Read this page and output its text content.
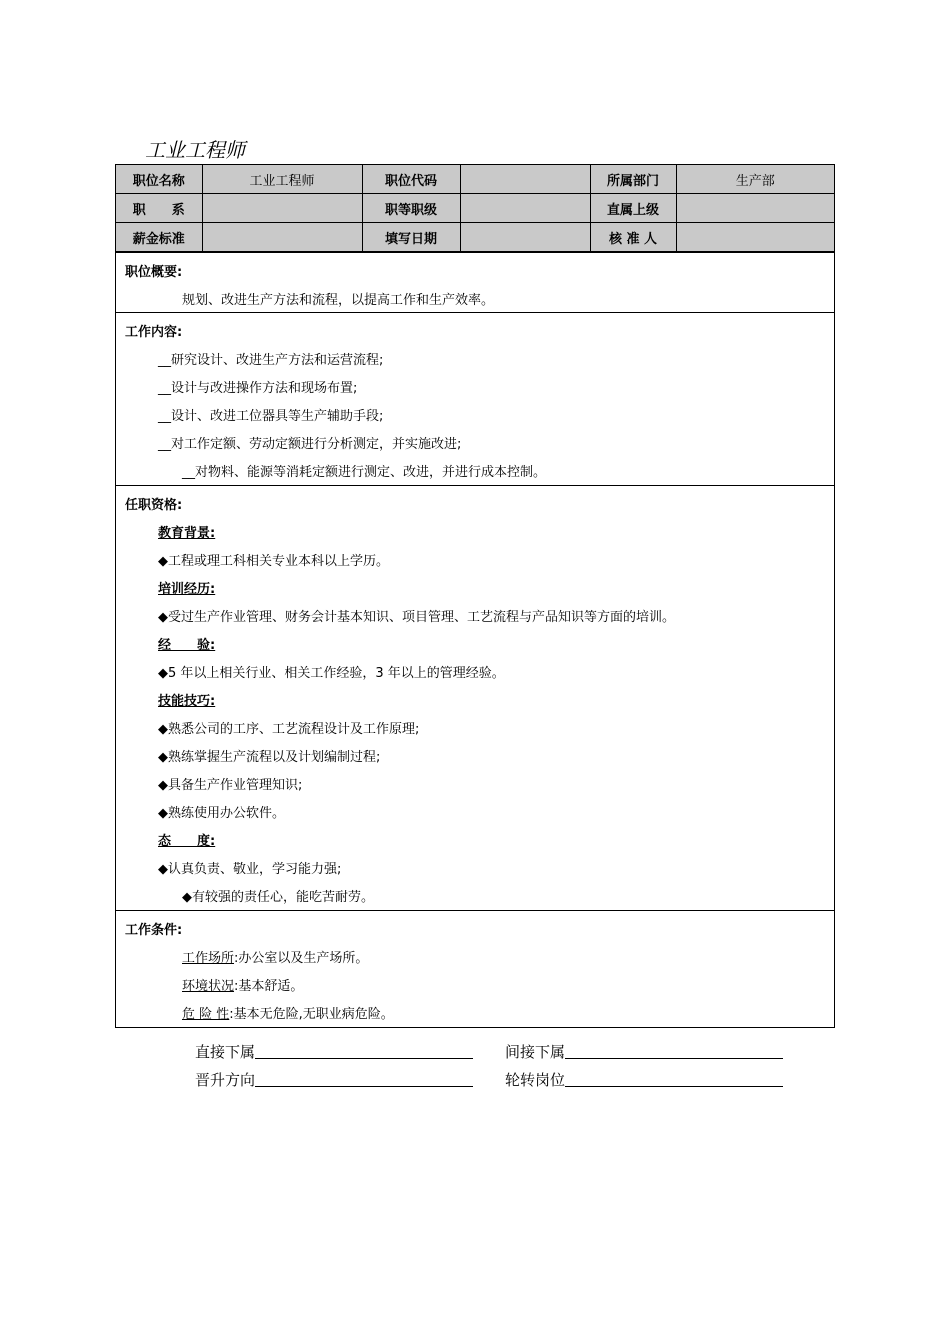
工业工程师
职位名称	工业工程师	职位代码		所属部门	生产部
职　　系		职等职级		直属上级	
薪金标准		填写日期		核 准 人	
职位概要:
规划、改进生产方法和流程，以提高工作和生产效率。
工作内容:
__研究设计、改进生产方法和运营流程;
__设计与改进操作方法和现场布置;
__设计、改进工位器具等生产辅助手段;
__对工作定额、劳动定额进行分析测定，并实施改进;
__对物料、能源等消耗定额进行测定、改进，并进行成本控制。
任职资格:
教育背景:
◆工程或理工科相关专业本科以上学历。
培训经历:
◆受过生产作业管理、财务会计基本知识、项目管理、工艺流程与产品知识等方面的培训。
经　　验:
◆5 年以上相关行业、相关工作经验，3 年以上的管理经验。
技能技巧:
◆熟悉公司的工序、工艺流程设计及工作原理;
◆熟练掌握生产流程以及计划编制过程;
◆具备生产作业管理知识;
◆熟练使用办公软件。
态　　度:
◆认真负责、敬业，学习能力强;
◆有较强的责任心，能吃苦耐劳。
工作条件:
工作场所:办公室以及生产场所。
环境状况:基本舒适。
危 险 性:基本无危险,无职业病危险。
直接下属	间接下属
晋升方向	轮转岗位
